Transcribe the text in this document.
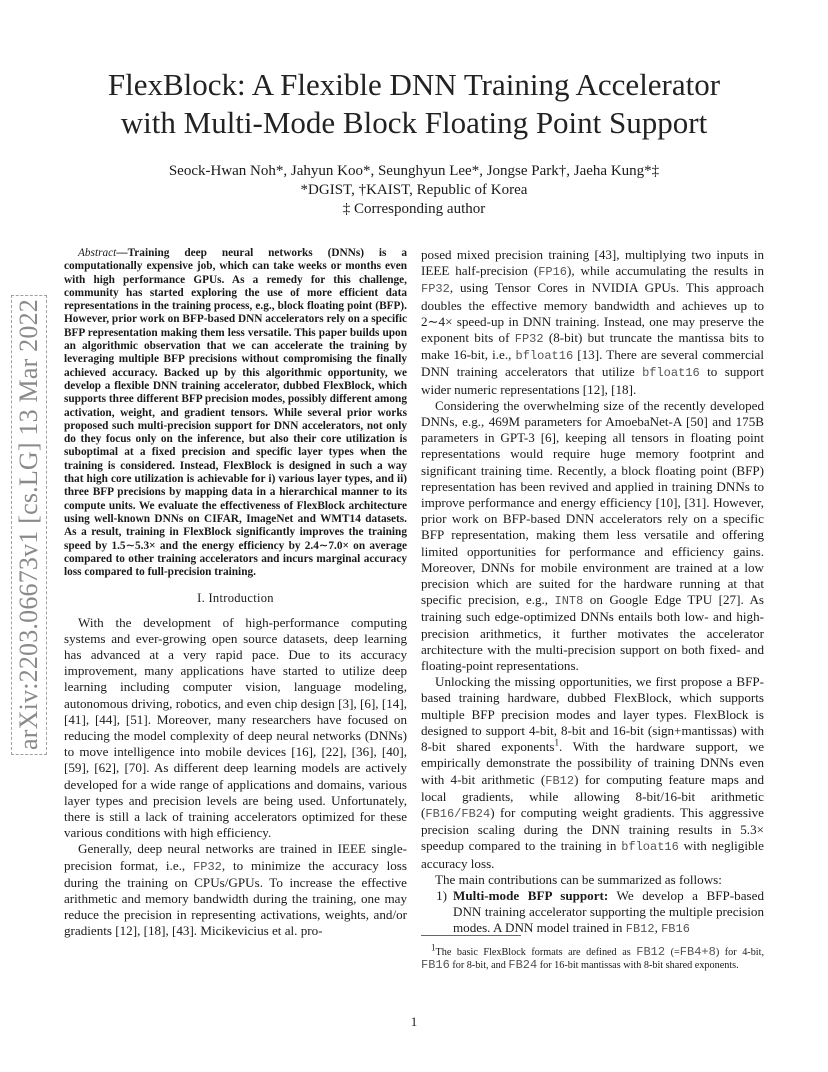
FlexBlock: A Flexible DNN Training Accelerator
with Multi-Mode Block Floating Point Support
Seock-Hwan Noh*, Jahyun Koo*, Seunghyun Lee*, Jongse Park†, Jaeha Kung*‡
*DGIST, †KAIST, Republic of Korea
‡ Corresponding author
arXiv:2203.06673v1 [cs.LG] 13 Mar 2022

Abstract—Training deep neural networks (DNNs) is a computationally expensive job, which can take weeks or months even with high performance GPUs. As a remedy for this challenge, community has started exploring the use of more efficient data representations in the training process, e.g., block floating point (BFP). However, prior work on BFP-based DNN accelerators rely on a specific BFP representation making them less versatile. This paper builds upon an algorithmic observation that we can accelerate the training by leveraging multiple BFP precisions without compromising the finally achieved accuracy. Backed up by this algorithmic opportunity, we develop a flexible DNN training accelerator, dubbed FlexBlock, which supports three different BFP precision modes, possibly different among activation, weight, and gradient tensors. While several prior works proposed such multi-precision support for DNN accelerators, not only do they focus only on the inference, but also their core utilization is suboptimal at a fixed precision and specific layer types when the training is considered. Instead, FlexBlock is designed in such a way that high core utilization is achievable for i) various layer types, and ii) three BFP precisions by mapping data in a hierarchical manner to its compute units. We evaluate the effectiveness of FlexBlock architecture using well-known DNNs on CIFAR, ImageNet and WMT14 datasets. As a result, training in FlexBlock significantly improves the training speed by 1.5∼5.3× and the energy efficiency by 2.4∼7.0× on average compared to other training accelerators and incurs marginal accuracy loss compared to full-precision training.

I. Introduction

With the development of high-performance computing systems and ever-growing open source datasets, deep learning has advanced at a very rapid pace. Due to its accuracy improvement, many applications have started to utilize deep learning including computer vision, language modeling, autonomous driving, robotics, and even chip design [3], [6], [14], [41], [44], [51]. Moreover, many researchers have focused on reducing the model complexity of deep neural networks (DNNs) to move intelligence into mobile devices [16], [22], [36], [40], [59], [62], [70]. As different deep learning models are actively developed for a wide range of applications and domains, various layer types and precision levels are being used. Unfortunately, there is still a lack of training accelerators optimized for these various conditions with high efficiency.

Generally, deep neural networks are trained in IEEE single-precision format, i.e., FP32, to minimize the accuracy loss during the training on CPUs/GPUs. To increase the effective arithmetic and memory bandwidth during the training, one may reduce the precision in representing activations, weights, and/or gradients [12], [18], [43]. Micikevicius et al. pro-

posed mixed precision training [43], multiplying two inputs in IEEE half-precision (FP16), while accumulating the results in FP32, using Tensor Cores in NVIDIA GPUs. This approach doubles the effective memory bandwidth and achieves up to 2∼4× speed-up in DNN training. Instead, one may preserve the exponent bits of FP32 (8-bit) but truncate the mantissa bits to make 16-bit, i.e., bfloat16 [13]. There are several commercial DNN training accelerators that utilize bfloat16 to support wider numeric representations [12], [18].

Considering the overwhelming size of the recently developed DNNs, e.g., 469M parameters for AmoebaNet-A [50] and 175B parameters in GPT-3 [6], keeping all tensors in floating point representations would require huge memory footprint and significant training time. Recently, a block floating point (BFP) representation has been revived and applied in training DNNs to improve performance and energy efficiency [10], [31]. However, prior work on BFP-based DNN accelerators rely on a specific BFP representation, making them less versatile and offering limited opportunities for performance and efficiency gains. Moreover, DNNs for mobile environment are trained at a low precision which are suited for the hardware running at that specific precision, e.g., INT8 on Google Edge TPU [27]. As training such edge-optimized DNNs entails both low- and high-precision arithmetics, it further motivates the accelerator architecture with the multi-precision support on both fixed- and floating-point representations.

Unlocking the missing opportunities, we first propose a BFP-based training hardware, dubbed FlexBlock, which supports multiple BFP precision modes and layer types. FlexBlock is designed to support 4-bit, 8-bit and 16-bit (sign+mantissas) with 8-bit shared exponents$^1$. With the hardware support, we empirically demonstrate the possibility of training DNNs even with 4-bit arithmetic (FB12) for computing feature maps and local gradients, while allowing 8-bit/16-bit arithmetic (FB16/FB24) for computing weight gradients. This aggressive precision scaling during the DNN training results in 5.3× speedup compared to the training in bfloat16 with negligible accuracy loss.

The main contributions can be summarized as follows:

1) Multi-mode BFP support: We develop a BFP-based DNN training accelerator supporting the multiple precision modes. A DNN model trained in FB12, FB16
$^1$The basic FlexBlock formats are defined as FB12 (=FB4+8) for 4-bit, FB16 for 8-bit, and FB24 for 16-bit mantissas with 8-bit shared exponents.
1
